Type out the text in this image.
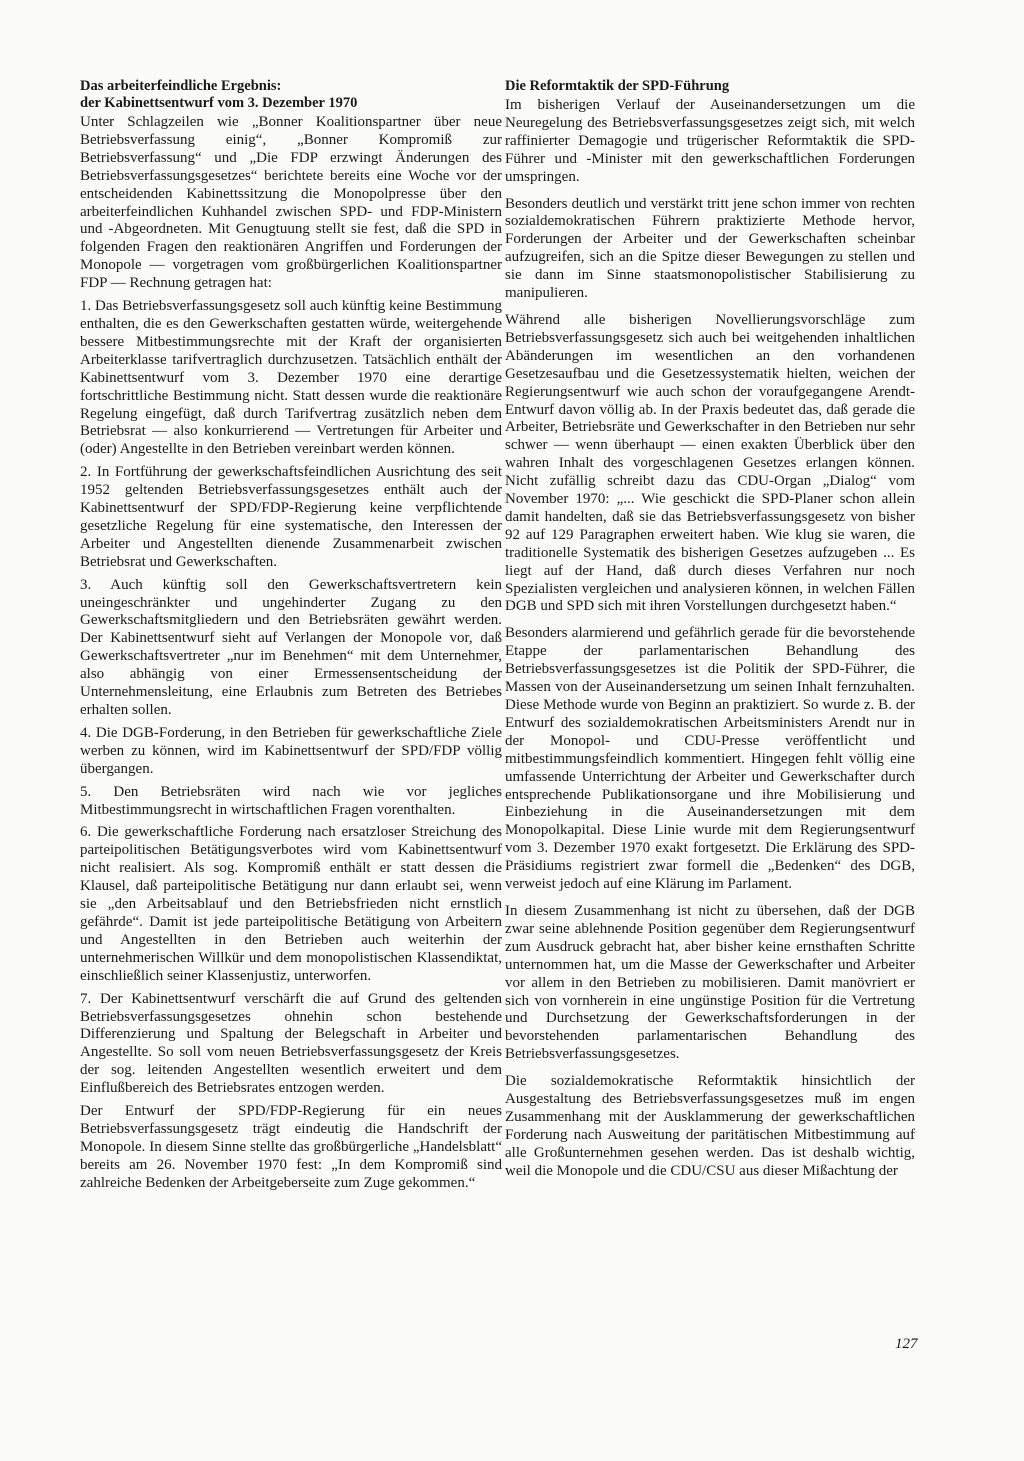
Das arbeiterfeindliche Ergebnis:
der Kabinettsentwurf vom 3. Dezember 1970

Unter Schlagzeilen wie „Bonner Koalitionspartner über neue Betriebsverfassung einig“, „Bonner Kompromiß zur Betriebsverfassung“ und „Die FDP erzwingt Änderungen des Betriebsverfassungsgesetzes“ berichtete bereits eine Woche vor der entscheidenden Kabinettssitzung die Monopolpresse über den arbeiterfeindlichen Kuhhandel zwischen SPD- und FDP-Ministern und -Abgeordneten. Mit Genugtuung stellt sie fest, daß die SPD in folgenden Fragen den reaktionären Angriffen und Forderungen der Monopole — vorgetragen vom großbürgerlichen Koalitionspartner FDP — Rechnung getragen hat:

1. Das Betriebsverfassungsgesetz soll auch künftig keine Bestimmung enthalten, die es den Gewerkschaften gestatten würde, weitergehende bessere Mitbestimmungsrechte mit der Kraft der organisierten Arbeiterklasse tarifvertraglich durchzusetzen. Tatsächlich enthält der Kabinettsentwurf vom 3. Dezember 1970 eine derartige fortschrittliche Bestimmung nicht. Statt dessen wurde die reaktionäre Regelung eingefügt, daß durch Tarifvertrag zusätzlich neben dem Betriebsrat — also konkurrierend — Vertretungen für Arbeiter und (oder) Angestellte in den Betrieben vereinbart werden können.

2. In Fortführung der gewerkschaftsfeindlichen Ausrichtung des seit 1952 geltenden Betriebsverfassungsgesetzes enthält auch der Kabinettsentwurf der SPD/FDP-Regierung keine verpflichtende gesetzliche Regelung für eine systematische, den Interessen der Arbeiter und Angestellten dienende Zusammenarbeit zwischen Betriebsrat und Gewerkschaften.

3. Auch künftig soll den Gewerkschaftsvertretern kein uneingeschränkter und ungehinderter Zugang zu den Gewerkschaftsmitgliedern und den Betriebsräten gewährt werden. Der Kabinettsentwurf sieht auf Verlangen der Monopole vor, daß Gewerkschaftsvertreter „nur im Benehmen“ mit dem Unternehmer, also abhängig von einer Ermessensentscheidung der Unternehmensleitung, eine Erlaubnis zum Betreten des Betriebes erhalten sollen.

4. Die DGB-Forderung, in den Betrieben für gewerkschaftliche Ziele werben zu können, wird im Kabinettsentwurf der SPD/FDP völlig übergangen.

5. Den Betriebsräten wird nach wie vor jegliches Mitbestimmungsrecht in wirtschaftlichen Fragen vorenthalten.

6. Die gewerkschaftliche Forderung nach ersatzloser Streichung des parteipolitischen Betätigungsverbotes wird vom Kabinettsentwurf nicht realisiert. Als sog. Kompromiß enthält er statt dessen die Klausel, daß parteipolitische Betätigung nur dann erlaubt sei, wenn sie „den Arbeitsablauf und den Betriebsfrieden nicht ernstlich gefährde“. Damit ist jede parteipolitische Betätigung von Arbeitern und Angestellten in den Betrieben auch weiterhin der unternehmerischen Willkür und dem monopolistischen Klassendiktat, einschließlich seiner Klassenjustiz, unterworfen.

7. Der Kabinettsentwurf verschärft die auf Grund des geltenden Betriebsverfassungsgesetzes ohnehin schon bestehende Differenzierung und Spaltung der Belegschaft in Arbeiter und Angestellte. So soll vom neuen Betriebsverfassungsgesetz der Kreis der sog. leitenden Angestellten wesentlich erweitert und dem Einflußbereich des Betriebsrates entzogen werden.

Der Entwurf der SPD/FDP-Regierung für ein neues Betriebsverfassungsgesetz trägt eindeutig die Handschrift der Monopole. In diesem Sinne stellte das großbürgerliche „Handelsblatt“ bereits am 26. November 1970 fest: „In dem Kompromiß sind zahlreiche Bedenken der Arbeitgeberseite zum Zuge gekommen.“

Die Reformtaktik der SPD-Führung

Im bisherigen Verlauf der Auseinandersetzungen um die Neuregelung des Betriebsverfassungsgesetzes zeigt sich, mit welch raffinierter Demagogie und trügerischer Reformtaktik die SPD-Führer und -Minister mit den gewerkschaftlichen Forderungen umspringen.

Besonders deutlich und verstärkt tritt jene schon immer von rechten sozialdemokratischen Führern praktizierte Methode hervor, Forderungen der Arbeiter und der Gewerkschaften scheinbar aufzugreifen, sich an die Spitze dieser Bewegungen zu stellen und sie dann im Sinne staatsmonopolistischer Stabilisierung zu manipulieren.

Während alle bisherigen Novellierungsvorschläge zum Betriebsverfassungsgesetz sich auch bei weitgehenden inhaltlichen Abänderungen im wesentlichen an den vorhandenen Gesetzesaufbau und die Gesetzessystematik hielten, weichen der Regierungsentwurf wie auch schon der voraufgegangene Arendt-Entwurf davon völlig ab. In der Praxis bedeutet das, daß gerade die Arbeiter, Betriebsräte und Gewerkschafter in den Betrieben nur sehr schwer — wenn überhaupt — einen exakten Überblick über den wahren Inhalt des vorgeschlagenen Gesetzes erlangen können. Nicht zufällig schreibt dazu das CDU-Organ „Dialog“ vom November 1970: „... Wie geschickt die SPD-Planer schon allein damit handelten, daß sie das Betriebsverfassungsgesetz von bisher 92 auf 129 Paragraphen erweitert haben. Wie klug sie waren, die traditionelle Systematik des bisherigen Gesetzes aufzugeben ... Es liegt auf der Hand, daß durch dieses Verfahren nur noch Spezialisten vergleichen und analysieren können, in welchen Fällen DGB und SPD sich mit ihren Vorstellungen durchgesetzt haben.“

Besonders alarmierend und gefährlich gerade für die bevorstehende Etappe der parlamentarischen Behandlung des Betriebsverfassungsgesetzes ist die Politik der SPD-Führer, die Massen von der Auseinandersetzung um seinen Inhalt fernzuhalten. Diese Methode wurde von Beginn an praktiziert. So wurde z. B. der Entwurf des sozialdemokratischen Arbeitsministers Arendt nur in der Monopol- und CDU-Presse veröffentlicht und mitbestimmungsfeindlich kommentiert. Hingegen fehlt völlig eine umfassende Unterrichtung der Arbeiter und Gewerkschafter durch entsprechende Publikationsorgane und ihre Mobilisierung und Einbeziehung in die Auseinandersetzungen mit dem Monopolkapital. Diese Linie wurde mit dem Regierungsentwurf vom 3. Dezember 1970 exakt fortgesetzt. Die Erklärung des SPD-Präsidiums registriert zwar formell die „Bedenken“ des DGB, verweist jedoch auf eine Klärung im Parlament.

In diesem Zusammenhang ist nicht zu übersehen, daß der DGB zwar seine ablehnende Position gegenüber dem Regierungsentwurf zum Ausdruck gebracht hat, aber bisher keine ernsthaften Schritte unternommen hat, um die Masse der Gewerkschafter und Arbeiter vor allem in den Betrieben zu mobilisieren. Damit manövriert er sich von vornherein in eine ungünstige Position für die Vertretung und Durchsetzung der Gewerkschaftsforderungen in der bevorstehenden parlamentarischen Behandlung des Betriebsverfassungsgesetzes.

Die sozialdemokratische Reformtaktik hinsichtlich der Ausgestaltung des Betriebsverfassungsgesetzes muß im engen Zusammenhang mit der Ausklammerung der gewerkschaftlichen Forderung nach Ausweitung der paritätischen Mitbestimmung auf alle Großunternehmen gesehen werden. Das ist deshalb wichtig, weil die Monopole und die CDU/CSU aus dieser Mißachtung der

127
